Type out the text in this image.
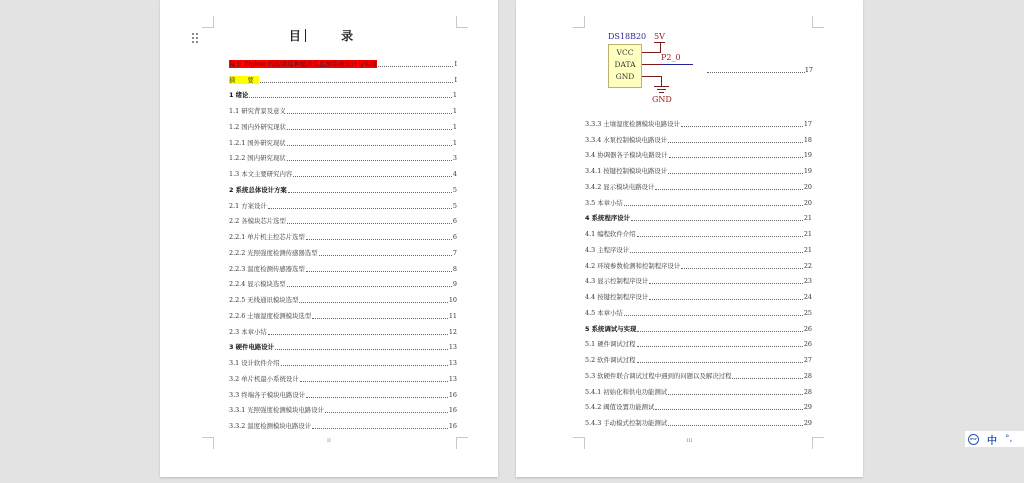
目 录
基于 Zigbee 的的黄瓜种植黄瓜监测系统设计与实现	I
摘 要	I
1 绪论	1
1.1 研究背景及意义	1
1.2 国内外研究现状	1
1.2.1 国外研究现状	1
1.2.2 国内研究现状	3
1.3 本文主要研究内容	4
2 系统总体设计方案	5
2.1 方案设计	5
2.2 各模块芯片选型	6
2.2.1 单片机主控芯片选型	6
2.2.2 光照强度检测传感器选型	7
2.2.3 温度检测传感器选型	8
2.2.4 显示模块选型	9
2.2.5 无线通讯模块选型	10
2.2.6 土壤湿度检测模块选型	11
2.3 本章小结	12
3 硬件电路设计	13
3.1 设计软件介绍	13
3.2 单片机最小系统设计	13
3.3 终端各子模块电路设计	16
3.3.1 光照强度检测模块电路设计	16
3.3.2 温度检测模块电路设计	16
II
DS18B20
VCC
DATA
GND
5V
P2_0
GND
17
3.3.3 土壤湿度检测模块电路设计	17
3.3.4 水泵控制模块电路设计	18
3.4 协调器各子模块电路设计	19
3.4.1 按键控制模块电路设计	19
3.4.2 显示模块电路设计	20
3.5 本章小结	20
4 系统程序设计	21
4.1 编程软件介绍	21
4.3 主程序设计	21
4.2 环境参数检测和控制程序设计	22
4.3 显示控制程序设计	23
4.4 按键控制程序设计	24
4.5 本章小结	25
5 系统调试与实现	26
5.1 硬件调试过程	26
5.2 软件调试过程	27
5.3 软硬件联合调试过程中遇到的问题以及解决过程	28
5.4.1 初始化和供电功能测试	28
5.4.2 阈值设置功能测试	29
5.4.3 手动模式控制功能测试	29
III	iFLY 中 °,
